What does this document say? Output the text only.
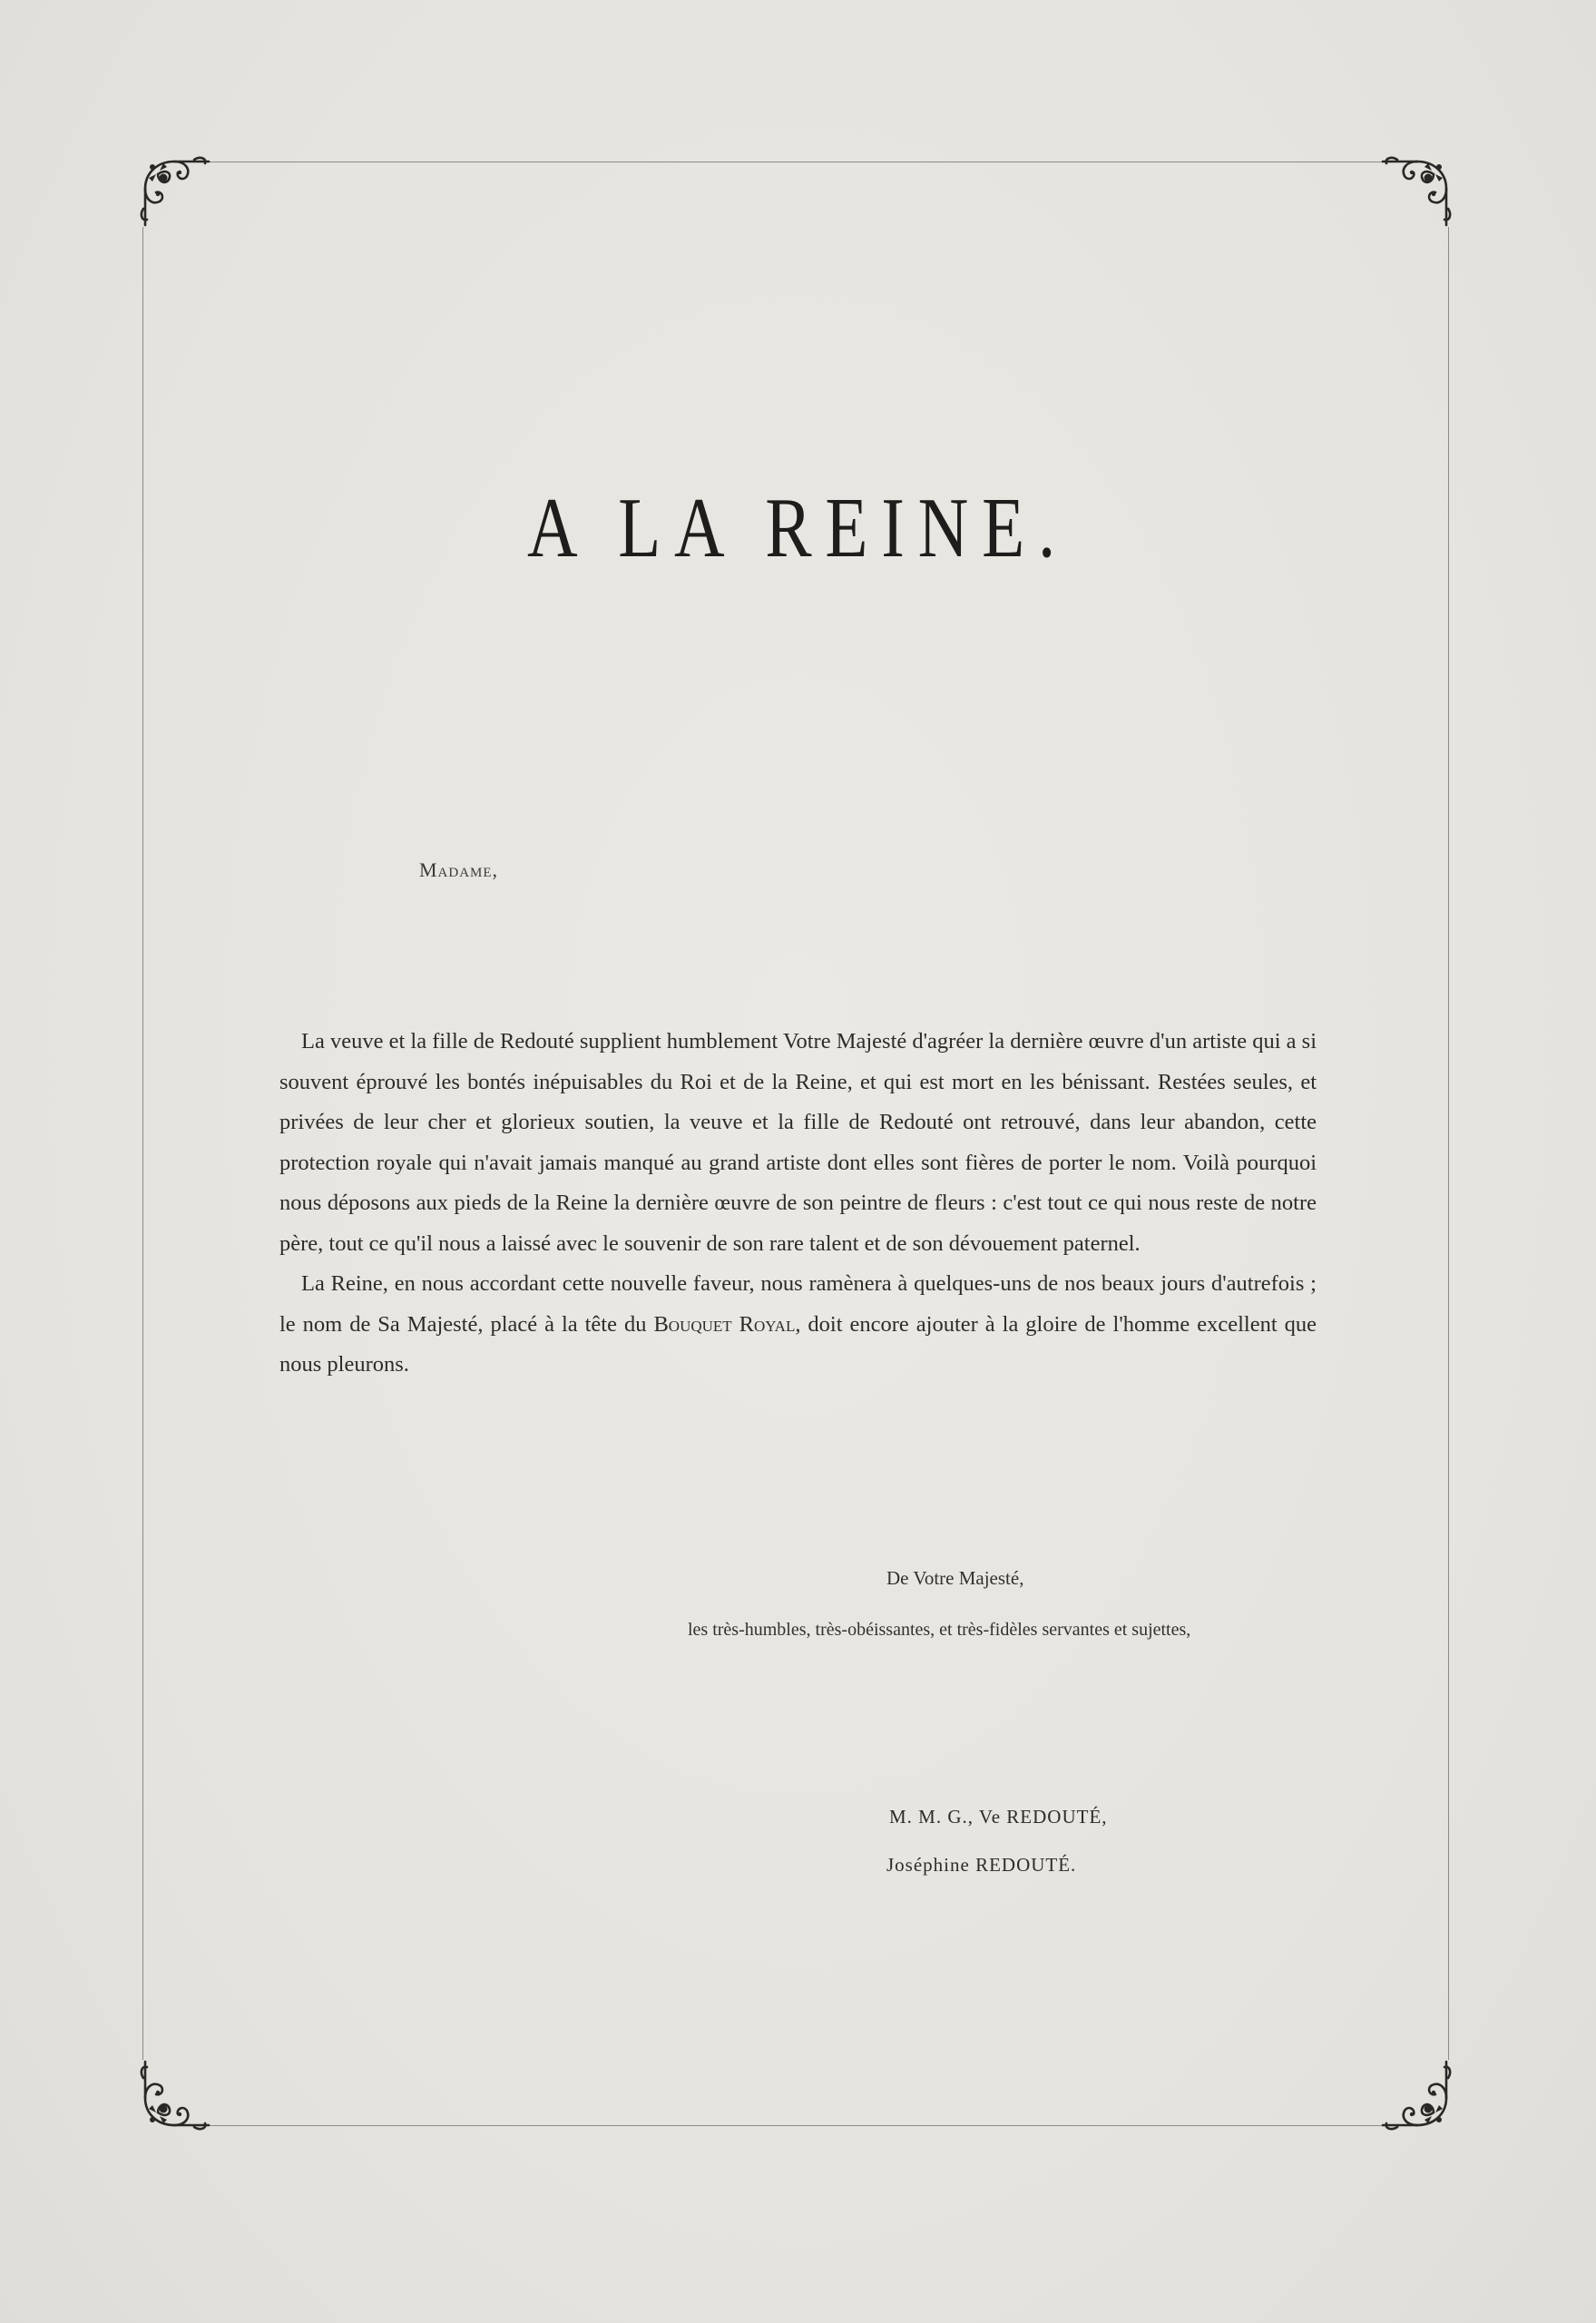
A LA REINE.

Madame,

La veuve et la fille de Redouté supplient humblement Votre Majesté d'agréer la dernière œuvre d'un artiste qui a si souvent éprouvé les bontés inépuisables du Roi et de la Reine, et qui est mort en les bénissant. Restées seules, et privées de leur cher et glorieux soutien, la veuve et la fille de Redouté ont retrouvé, dans leur abandon, cette protection royale qui n'avait jamais manqué au grand artiste dont elles sont fières de porter le nom. Voilà pourquoi nous déposons aux pieds de la Reine la dernière œuvre de son peintre de fleurs : c'est tout ce qui nous reste de notre père, tout ce qu'il nous a laissé avec le souvenir de son rare talent et de son dévouement paternel.

La Reine, en nous accordant cette nouvelle faveur, nous ramènera à quelques-uns de nos beaux jours d'autrefois ; le nom de Sa Majesté, placé à la tête du Bouquet Royal, doit encore ajouter à la gloire de l'homme excellent que nous pleurons.

De Votre Majesté,

les très-humbles, très-obéissantes, et très-fidèles servantes et sujettes,

M. M. G., Ve REDOUTÉ,

Joséphine REDOUTÉ.
